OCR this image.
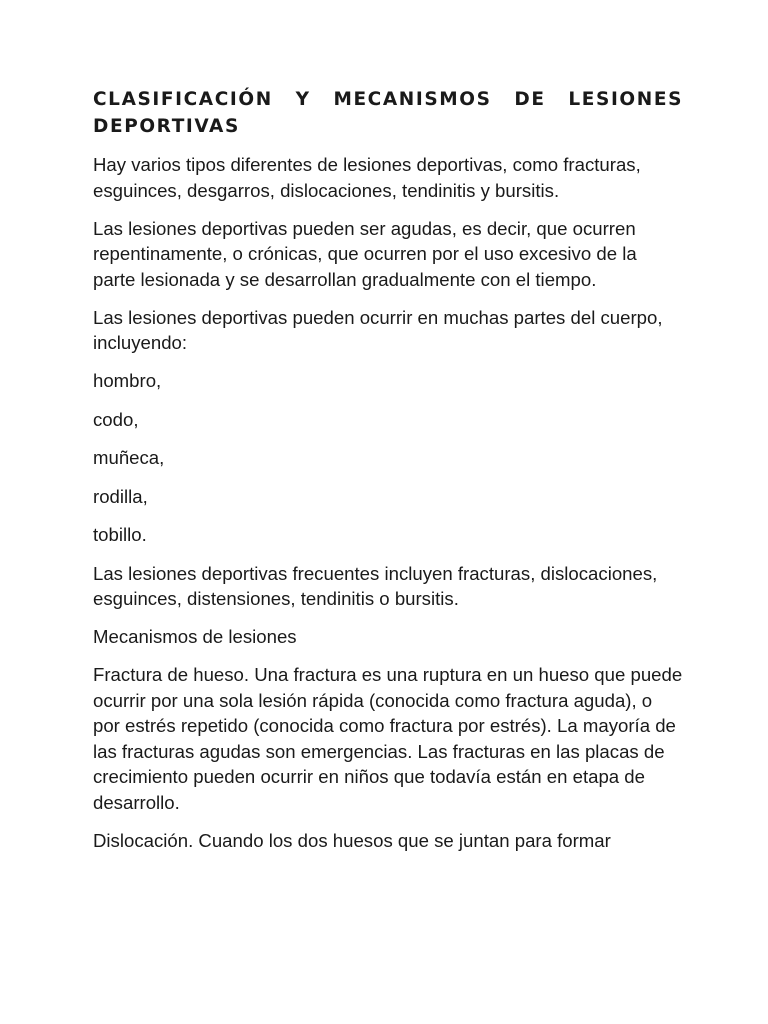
CLASIFICACIÓN Y MECANISMOS DE LESIONES DEPORTIVAS

Hay varios tipos diferentes de lesiones deportivas, como fracturas, esguinces, desgarros, dislocaciones, tendinitis y bursitis.

Las lesiones deportivas pueden ser agudas, es decir, que ocurren repentinamente, o crónicas, que ocurren por el uso excesivo de la parte lesionada y se desarrollan gradualmente con el tiempo.

Las lesiones deportivas pueden ocurrir en muchas partes del cuerpo, incluyendo:

hombro,

codo,

muñeca,

rodilla,

tobillo.

Las lesiones deportivas frecuentes incluyen fracturas, dislocaciones, esguinces, distensiones, tendinitis o bursitis.

Mecanismos de lesiones

Fractura de hueso. Una fractura es una ruptura en un hueso que puede ocurrir por una sola lesión rápida (conocida como fractura aguda), o por estrés repetido (conocida como fractura por estrés). La mayoría de las fracturas agudas son emergencias. Las fracturas en las placas de crecimiento pueden ocurrir en niños que todavía están en etapa de desarrollo.

Dislocación. Cuando los dos huesos que se juntan para formar
